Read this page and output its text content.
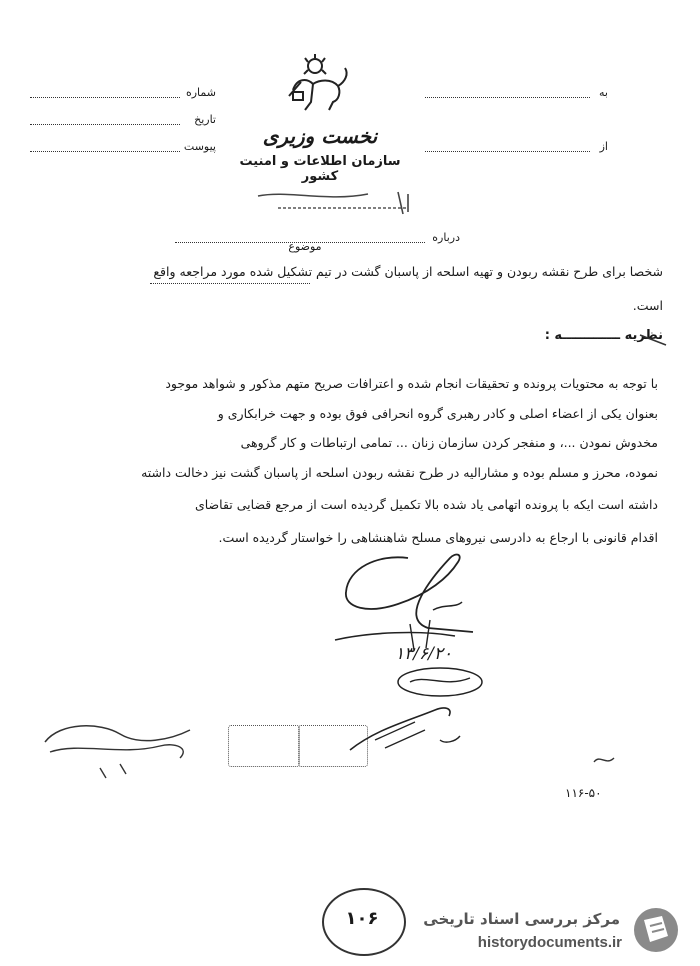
نخست وزیری
سازمان اطلاعات و امنیت کشور
شماره
تاریخ
پیوست
به
از
درباره
موضوع
شخصا برای طرح نقشه ربودن و تهیه اسلحه از پاسبان گشت در تیم تشکیل شده مورد مراجعه واقع
است.
نظریه ـــــــــــــه :
با توجه به محتویات پرونده و تحقیقات انجام شده و اعترافات صریح متهم مذکور و شواهد موجود
بعنوان یکی از اعضاء اصلی و کادر رهبری گروه انحرافی فوق بوده و جهت خرابکاری و
مخدوش نمودن ...، و منفجر کردن سازمان زنان ... تمامی ارتباطات و کار گروهی
نموده، محرز و مسلم بوده و مشارالیه در طرح نقشه ربودن اسلحه از پاسبان گشت نیز دخالت داشته
داشته است ایکه با پرونده اتهامی یاد شده بالا تکمیل گردیده است از مرجع قضایی تقاضای
اقدام قانونی با ارجاع به دادرسی نیروهای مسلح شاهنشاهی را خواستار گردیده است.
۱۳/۶/۲۰
۱۱۶-۵۰
۱۰۶	مرکز بررسی اسناد تاریخی
historydocuments.ir
